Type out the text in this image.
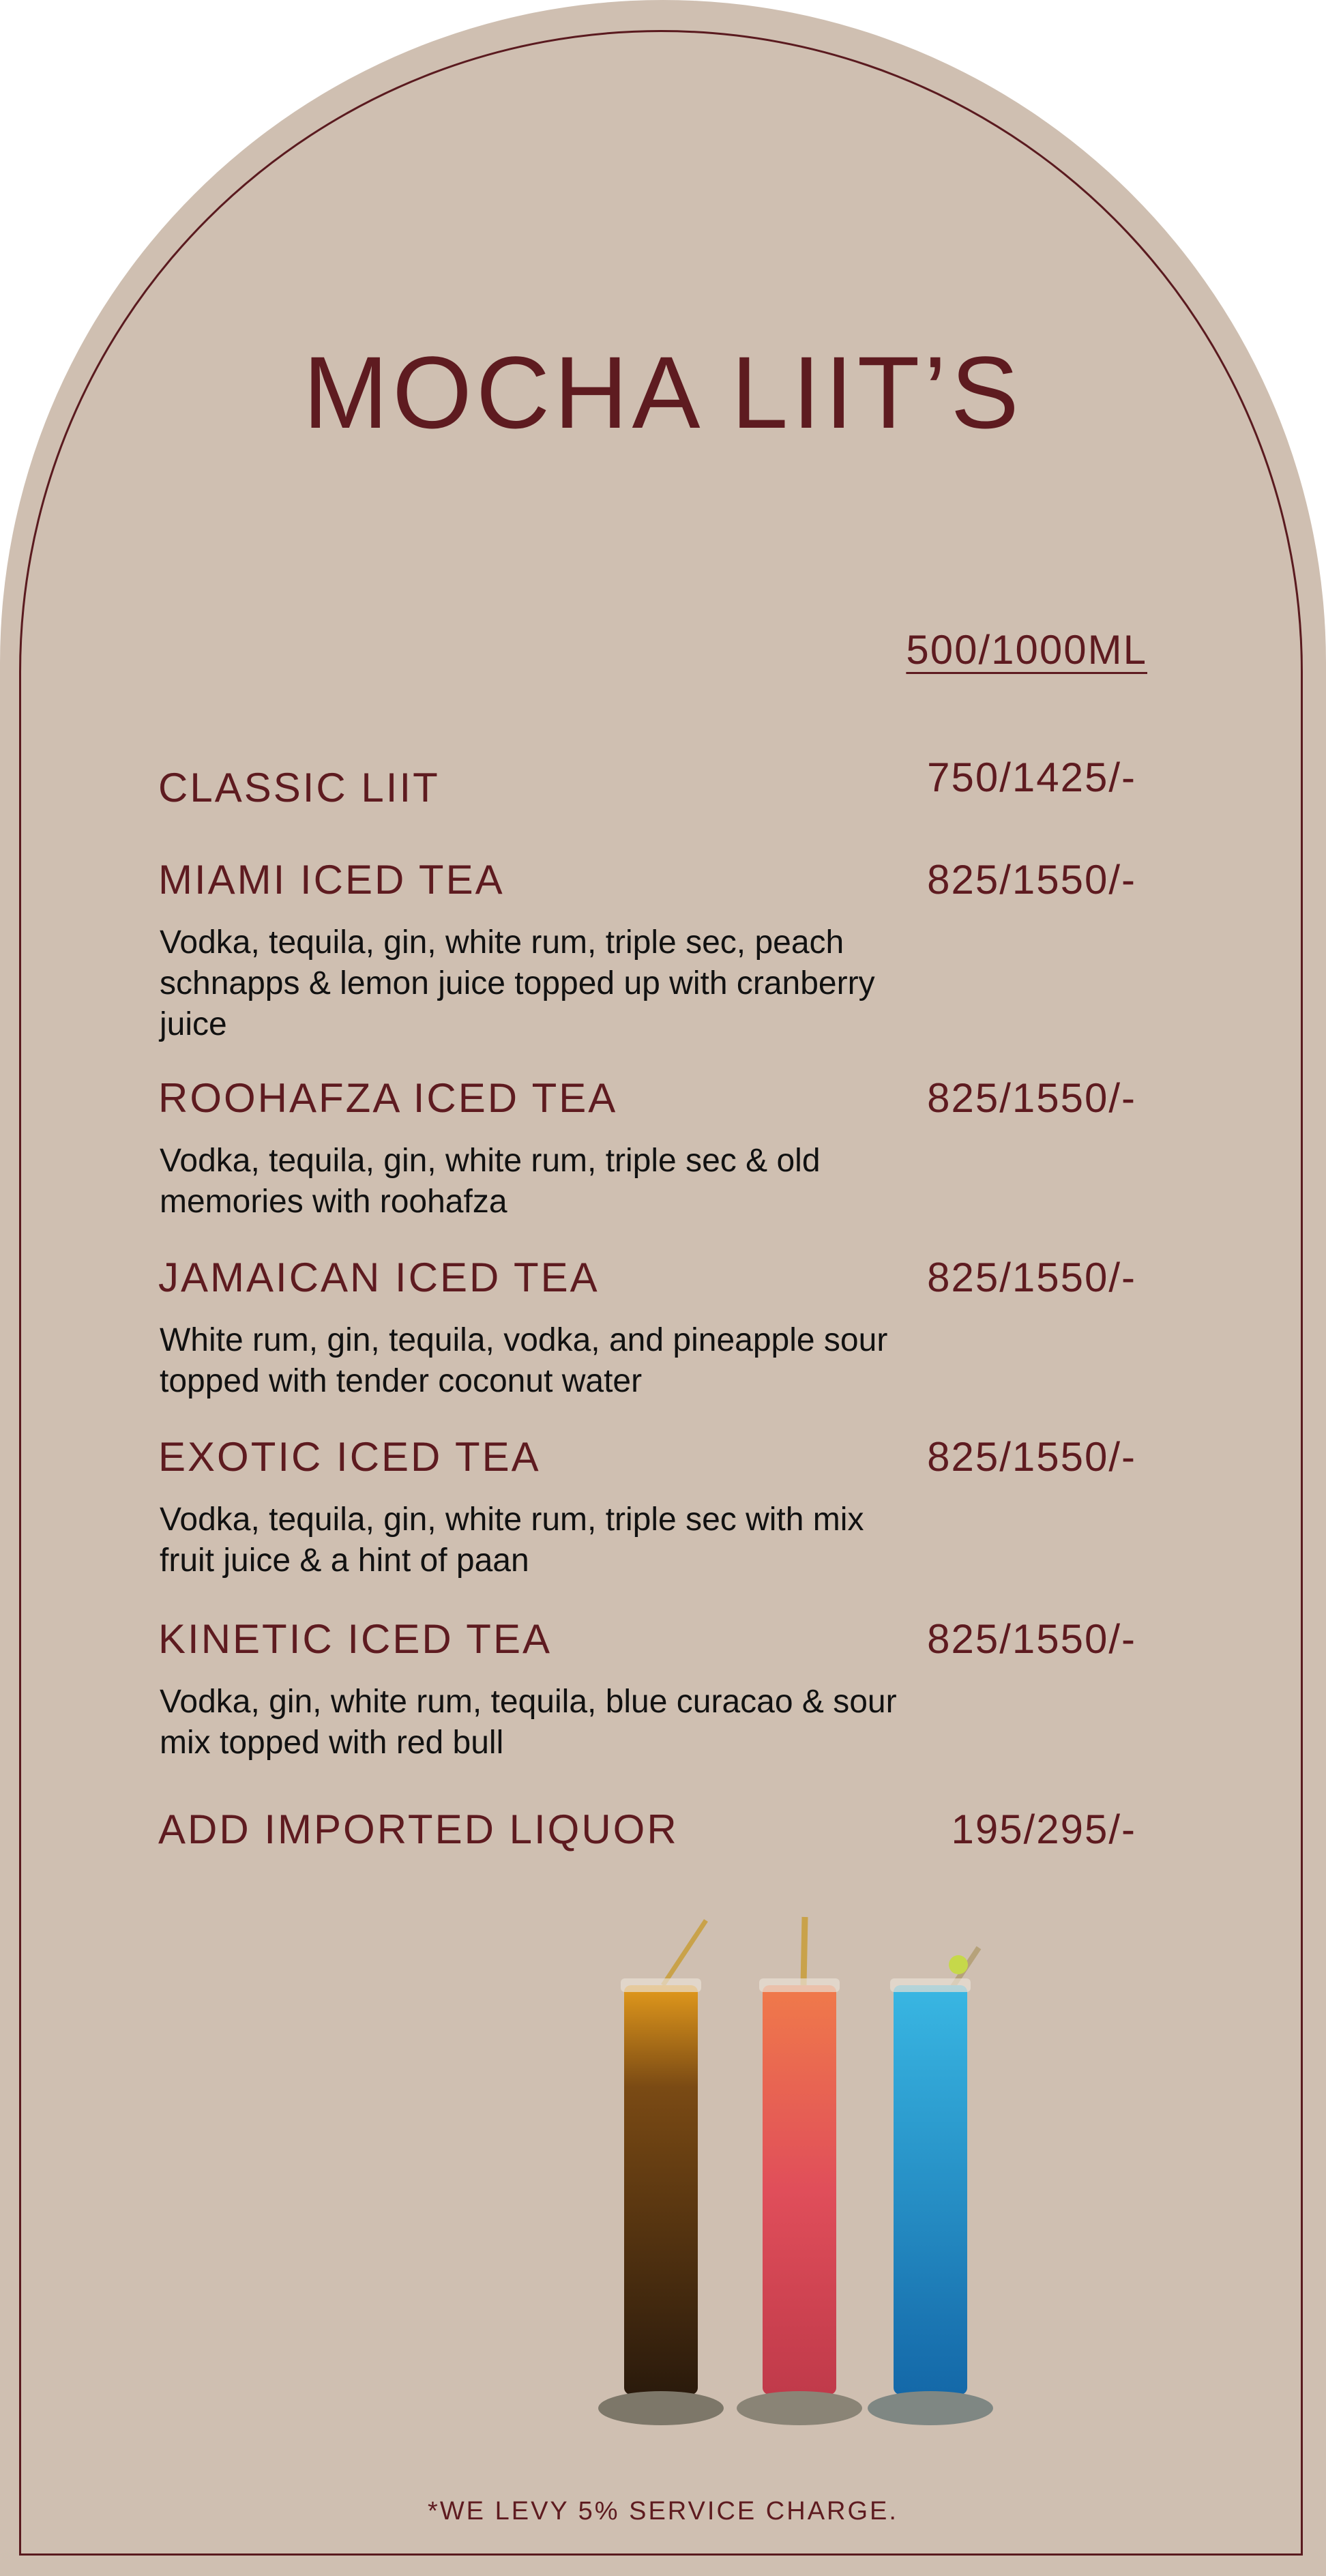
MOCHA LIIT’S
500/1000ML
CLASSIC LIIT	750/1425/-
MIAMI ICED TEA	825/1550/-
Vodka, tequila, gin, white rum, triple sec, peach schnapps & lemon juice topped up with cranberry juice
ROOHAFZA ICED TEA	825/1550/-
Vodka, tequila, gin, white rum, triple sec & old memories with roohafza
JAMAICAN ICED TEA	825/1550/-
White rum, gin, tequila, vodka, and pineapple sour topped with tender coconut water
EXOTIC ICED TEA	825/1550/-
Vodka, tequila, gin, white rum, triple sec with mix fruit juice & a hint of paan
KINETIC ICED TEA	825/1550/-
Vodka, gin, white rum, tequila, blue curacao & sour mix topped with red bull
ADD IMPORTED LIQUOR	195/295/-
*WE LEVY 5% SERVICE CHARGE.
